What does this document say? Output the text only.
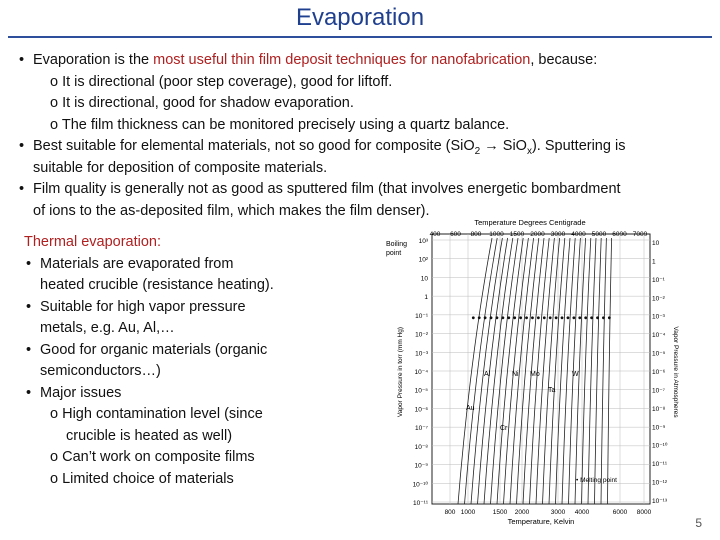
Evaporation
• Evaporation is the most useful thin film deposit techniques for nanofabrication, because:
o It is directional (poor step coverage), good for liftoff.
o It is directional, good for shadow evaporation.
o The film thickness can be monitored precisely using a quartz balance.
• Best suitable for elemental materials, not so good for composite (SiO$_2$ → SiO$_x$). Sputtering is
suitable for deposition of composite materials.
• Film quality is generally not as good as sputtered film (that involves energetic bombardment
of ions to the as-deposited film, which makes the film denser).
Thermal evaporation:
• Materials are evaporated from
heated crucible (resistance heating).
• Suitable for high vapor pressure
metals, e.g. Au, Al,…
• Good for organic materials (organic
semiconductors…)
• Major issues
o High contamination level (since
crucible is heated as well)
o Can’t work on composite films
o Limited choice of materials
Temperature Degrees Centigrade
400 600 800 1000 1500 2000 3000 4000 5000 6000 7000
800 1000	1500 2000	3000 4000	6000 8000
Temperature, Kelvin
Boiling
point
10³
10²
10
1
10⁻¹
10⁻²
10⁻³
10⁻⁴
10⁻⁵
10⁻⁶
10⁻⁷
10⁻⁸
10⁻⁹
10⁻¹⁰
10⁻¹¹
10
1
10⁻¹
10⁻²
10⁻³
10⁻⁴
10⁻⁵
10⁻⁶
10⁻⁷
10⁻⁸
10⁻⁹
10⁻¹⁰
10⁻¹¹
10⁻¹²
10⁻¹³
Vapor Pressure in torr (mm Hg)	Vapor Pressure in Atmospheres
Al	Ni Mo	W
Ta
Au
Cr
• Melting point
5
